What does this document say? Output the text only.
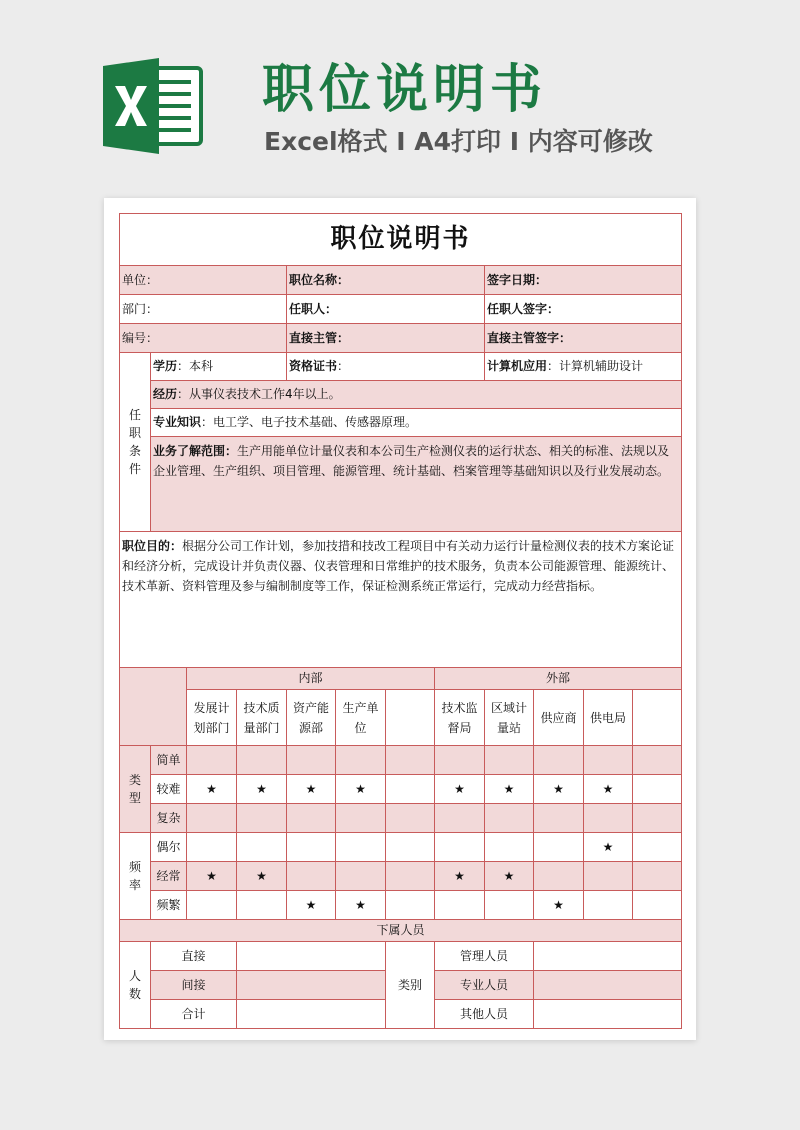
职位说明书
Excel格式 I A4打印 I 内容可修改
职位说明书											
单位：				职位名称：				签字日期：			
部门：				任职人：				任职人签字：			
编号：				直接主管：				直接主管签字：			
任职条件	学历：本科			资格证书：				计算机应用：计算机辅助设计			
	经历：从事仪表技术工作4年以上。										
	专业知识：电工学、电子技术基础、传感器原理。										
	业务了解范围：生产用能单位计量仪表和本公司生产检测仪表的运行状态、相关的标准、法规以及企业管理、生产组织、项目管理、能源管理、统计基础、档案管理等基础知识以及行业发展动态。										
职位目的：根据分公司工作计划，参加技措和技改工程项目中有关动力运行计量检测仪表的技术方案论证和经济分析，完成设计并负责仪器、仪表管理和日常维护的技术服务，负责本公司能源管理、能源统计、技术革新、资料管理及参与编制制度等工作，保证检测系统正常运行，完成动力经营指标。											
		内部					外部				
		发展计划部门	技术质量部门	资产能源部	生产单位		技术监督局	区域计量站	供应商	供电局	
类型	简单										
	较难	★	★	★	★		★	★	★	★	
	复杂										
频率	偶尔									★	
	经常	★	★				★	★			
	频繁			★	★				★		
下属人员											
人数	直接					类别	管理人员				
	间接						专业人员				
	合计						其他人员				
